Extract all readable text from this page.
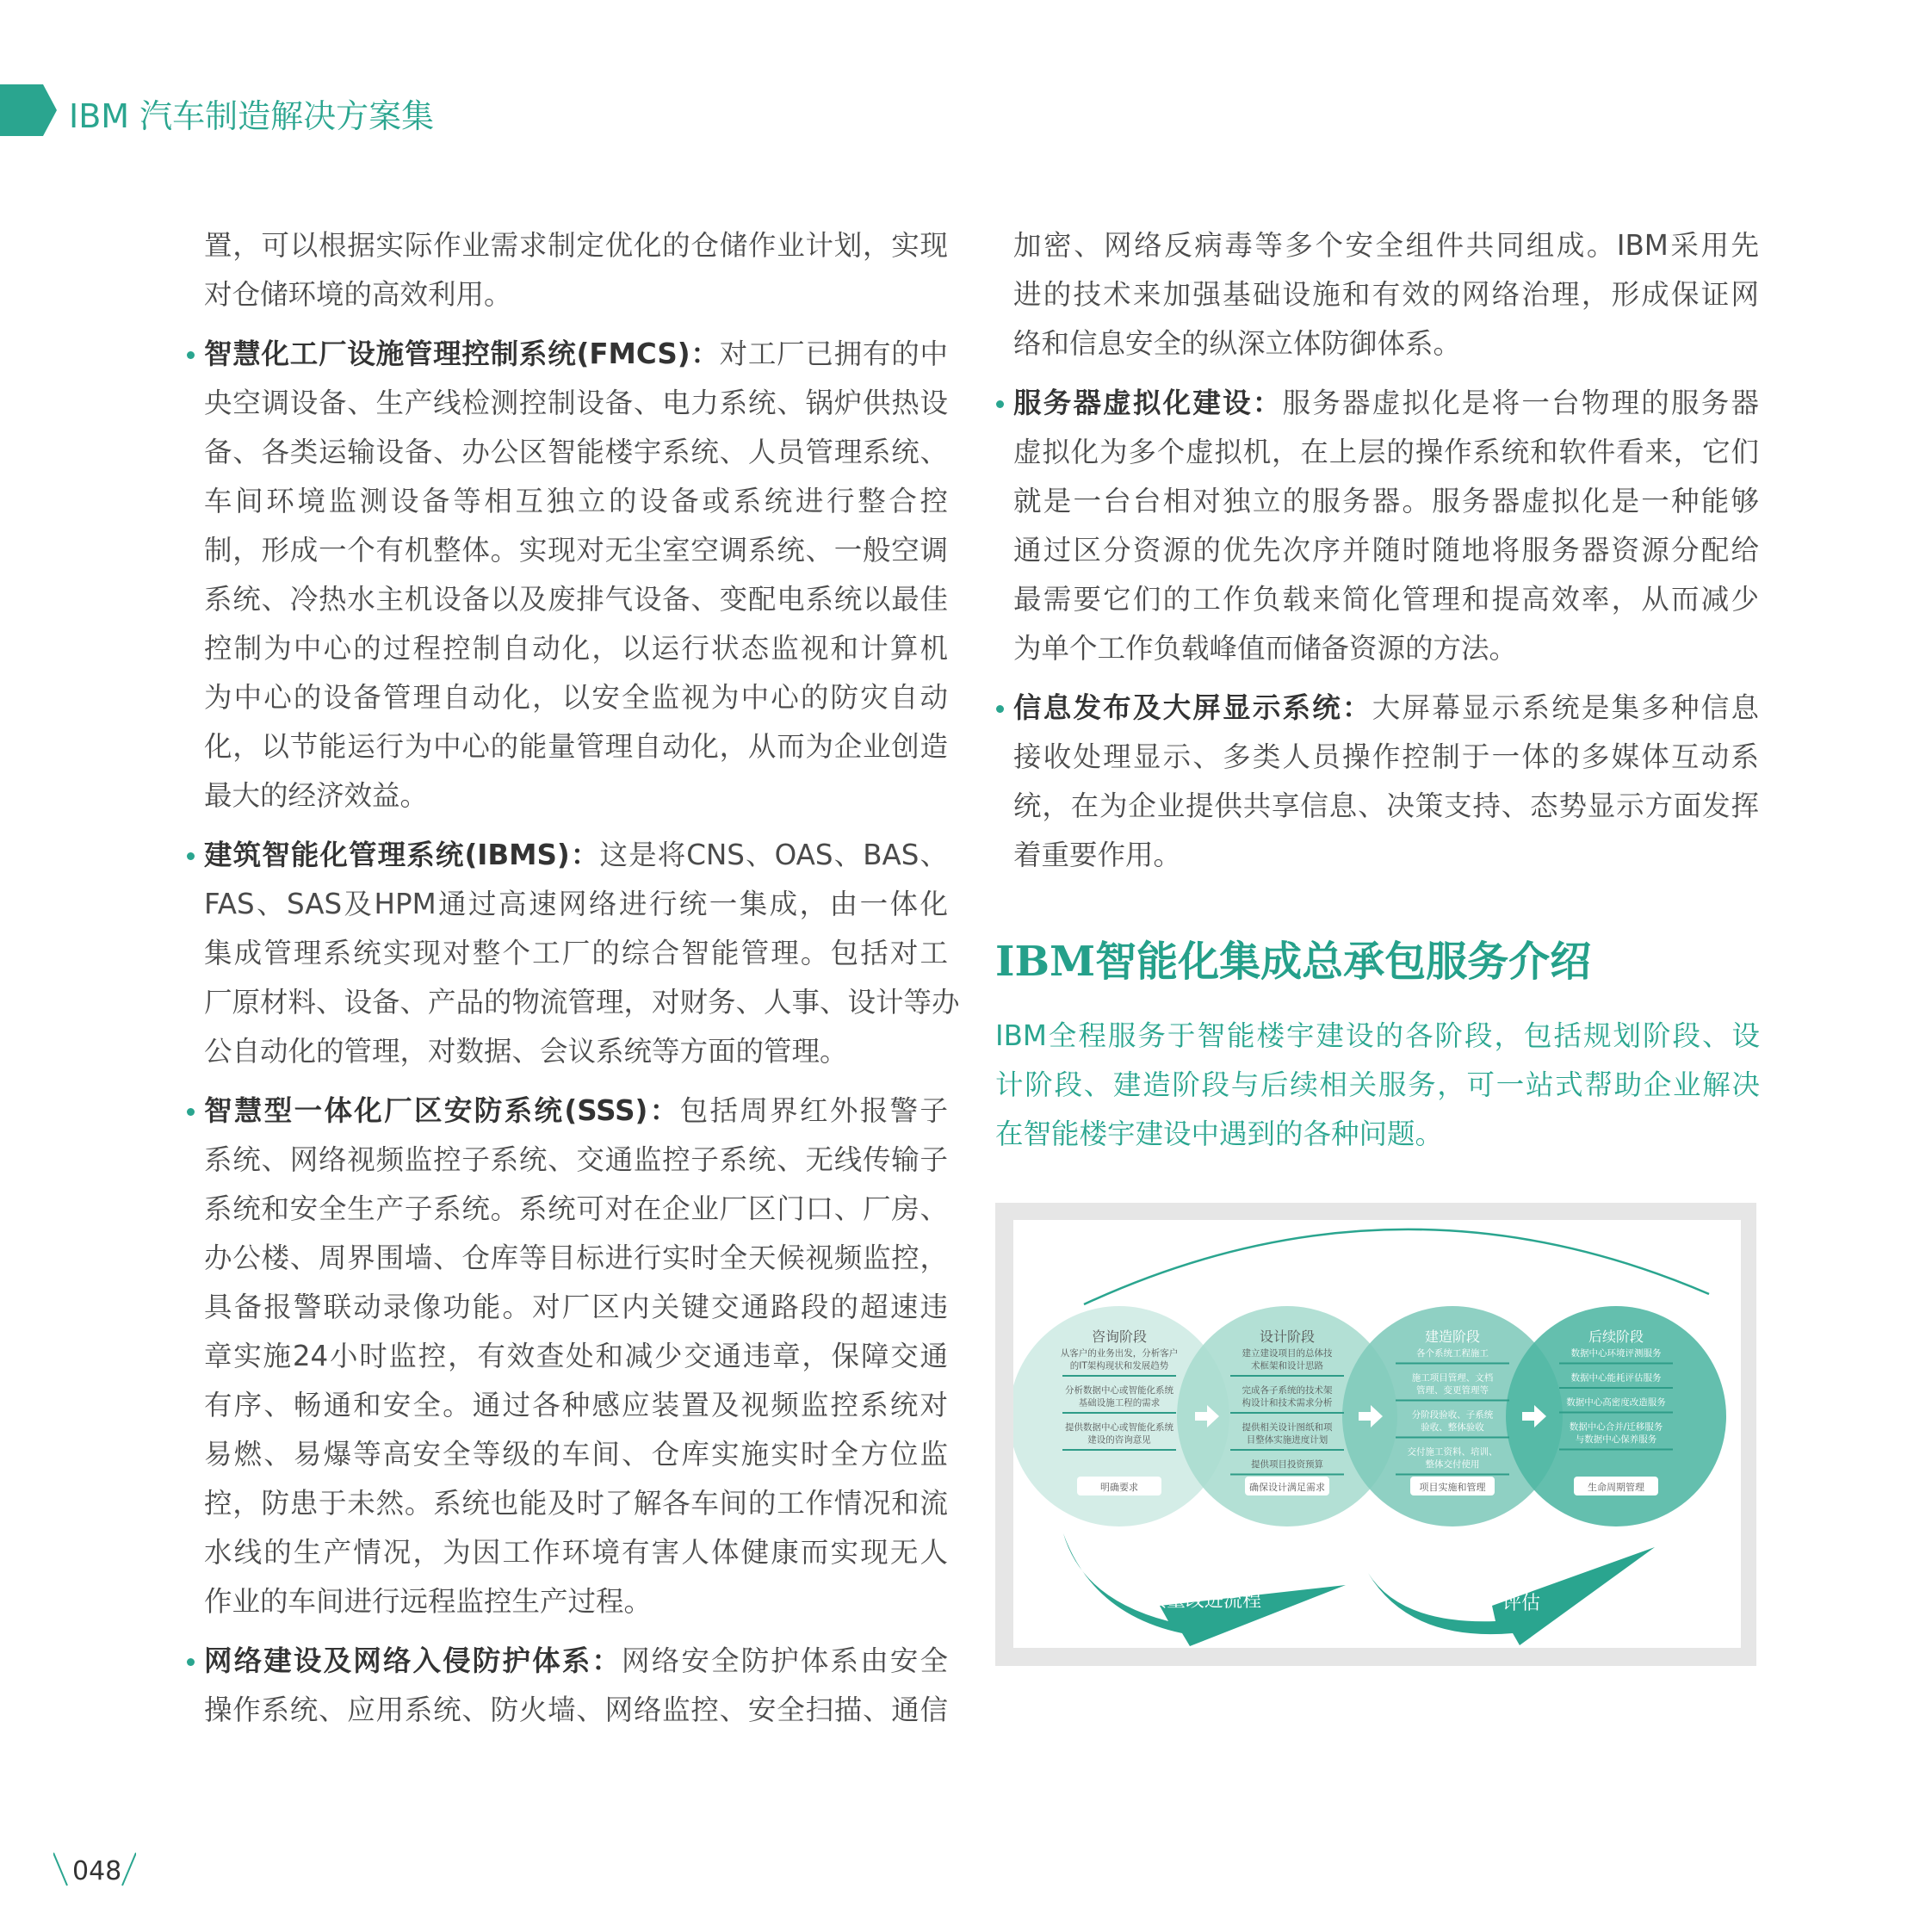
IBM 汽车制造解决方案集
置，可以根据实际作业需求制定优化的仓储作业计划，实现
对仓储环境的高效利用。
智慧化工厂设施管理控制系统(FMCS)：对工厂已拥有的中
央空调设备、生产线检测控制设备、电力系统、锅炉供热设
备、各类运输设备、办公区智能楼宇系统、人员管理系统、
车间环境监测设备等相互独立的设备或系统进行整合控
制，形成一个有机整体。实现对无尘室空调系统、一般空调
系统、冷热水主机设备以及废排气设备、变配电系统以最佳
控制为中心的过程控制自动化，以运行状态监视和计算机
为中心的设备管理自动化，以安全监视为中心的防灾自动
化，以节能运行为中心的能量管理自动化，从而为企业创造
最大的经济效益。
建筑智能化管理系统(IBMS)：这是将CNS、OAS、BAS、
FAS、SAS及HPM通过高速网络进行统一集成，由一体化
集成管理系统实现对整个工厂的综合智能管理。包括对工
厂原材料、设备、产品的物流管理，对财务、人事、设计等办
公自动化的管理，对数据、会议系统等方面的管理。
智慧型一体化厂区安防系统(SSS)：包括周界红外报警子
系统、网络视频监控子系统、交通监控子系统、无线传输子
系统和安全生产子系统。系统可对在企业厂区门口、厂房、
办公楼、周界围墙、仓库等目标进行实时全天候视频监控，
具备报警联动录像功能。对厂区内关键交通路段的超速违
章实施24小时监控，有效查处和减少交通违章，保障交通
有序、畅通和安全。通过各种感应装置及视频监控系统对
易燃、易爆等高安全等级的车间、仓库实施实时全方位监
控，防患于未然。系统也能及时了解各车间的工作情况和流
水线的生产情况，为因工作环境有害人体健康而实现无人
作业的车间进行远程监控生产过程。
网络建设及网络入侵防护体系：网络安全防护体系由安全
操作系统、应用系统、防火墙、网络监控、安全扫描、通信
加密、网络反病毒等多个安全组件共同组成。IBM采用先
进的技术来加强基础设施和有效的网络治理，形成保证网
络和信息安全的纵深立体防御体系。
服务器虚拟化建设：服务器虚拟化是将一台物理的服务器
虚拟化为多个虚拟机，在上层的操作系统和软件看来，它们
就是一台台相对独立的服务器。服务器虚拟化是一种能够
通过区分资源的优先次序并随时随地将服务器资源分配给
最需要它们的工作负载来简化管理和提高效率，从而减少
为单个工作负载峰值而储备资源的方法。
信息发布及大屏显示系统：大屏幕显示系统是集多种信息
接收处理显示、多类人员操作控制于一体的多媒体互动系
统，在为企业提供共享信息、决策支持、态势显示方面发挥
着重要作用。
IBM智能化集成总承包服务介绍
IBM全程服务于智能楼宇建设的各阶段，包括规划阶段、设
计阶段、建造阶段与后续相关服务，可一站式帮助企业解决
在智能楼宇建设中遇到的各种问题。
咨询阶段
从客户的业务出发，分析客户
的IT架构现状和发展趋势
分析数据中心或智能化系统
基础设施工程的需求
提供数据中心或智能化系统
建设的咨询意见
明确要求
设计阶段
建立建设项目的总体技
术框架和设计思路
完成各子系统的技术架
构设计和技术需求分析
提供相关设计图纸和项
目整体实施进度计划
提供项目投资预算
确保设计满足需求
建造阶段
各个系统工程施工
施工项目管理、文档
管理、变更管理等
分阶段验收、子系统
验收、整体验收
交付施工资料、培训、
整体交付使用
项目实施和管理
后续阶段
数据中心环境评测服务
数据中心能耗评估服务
数据中心高密度改造服务
数据中心合并/迁移服务
与数据中心保养服务
生命周期管理
质量改进流程	评估
048
